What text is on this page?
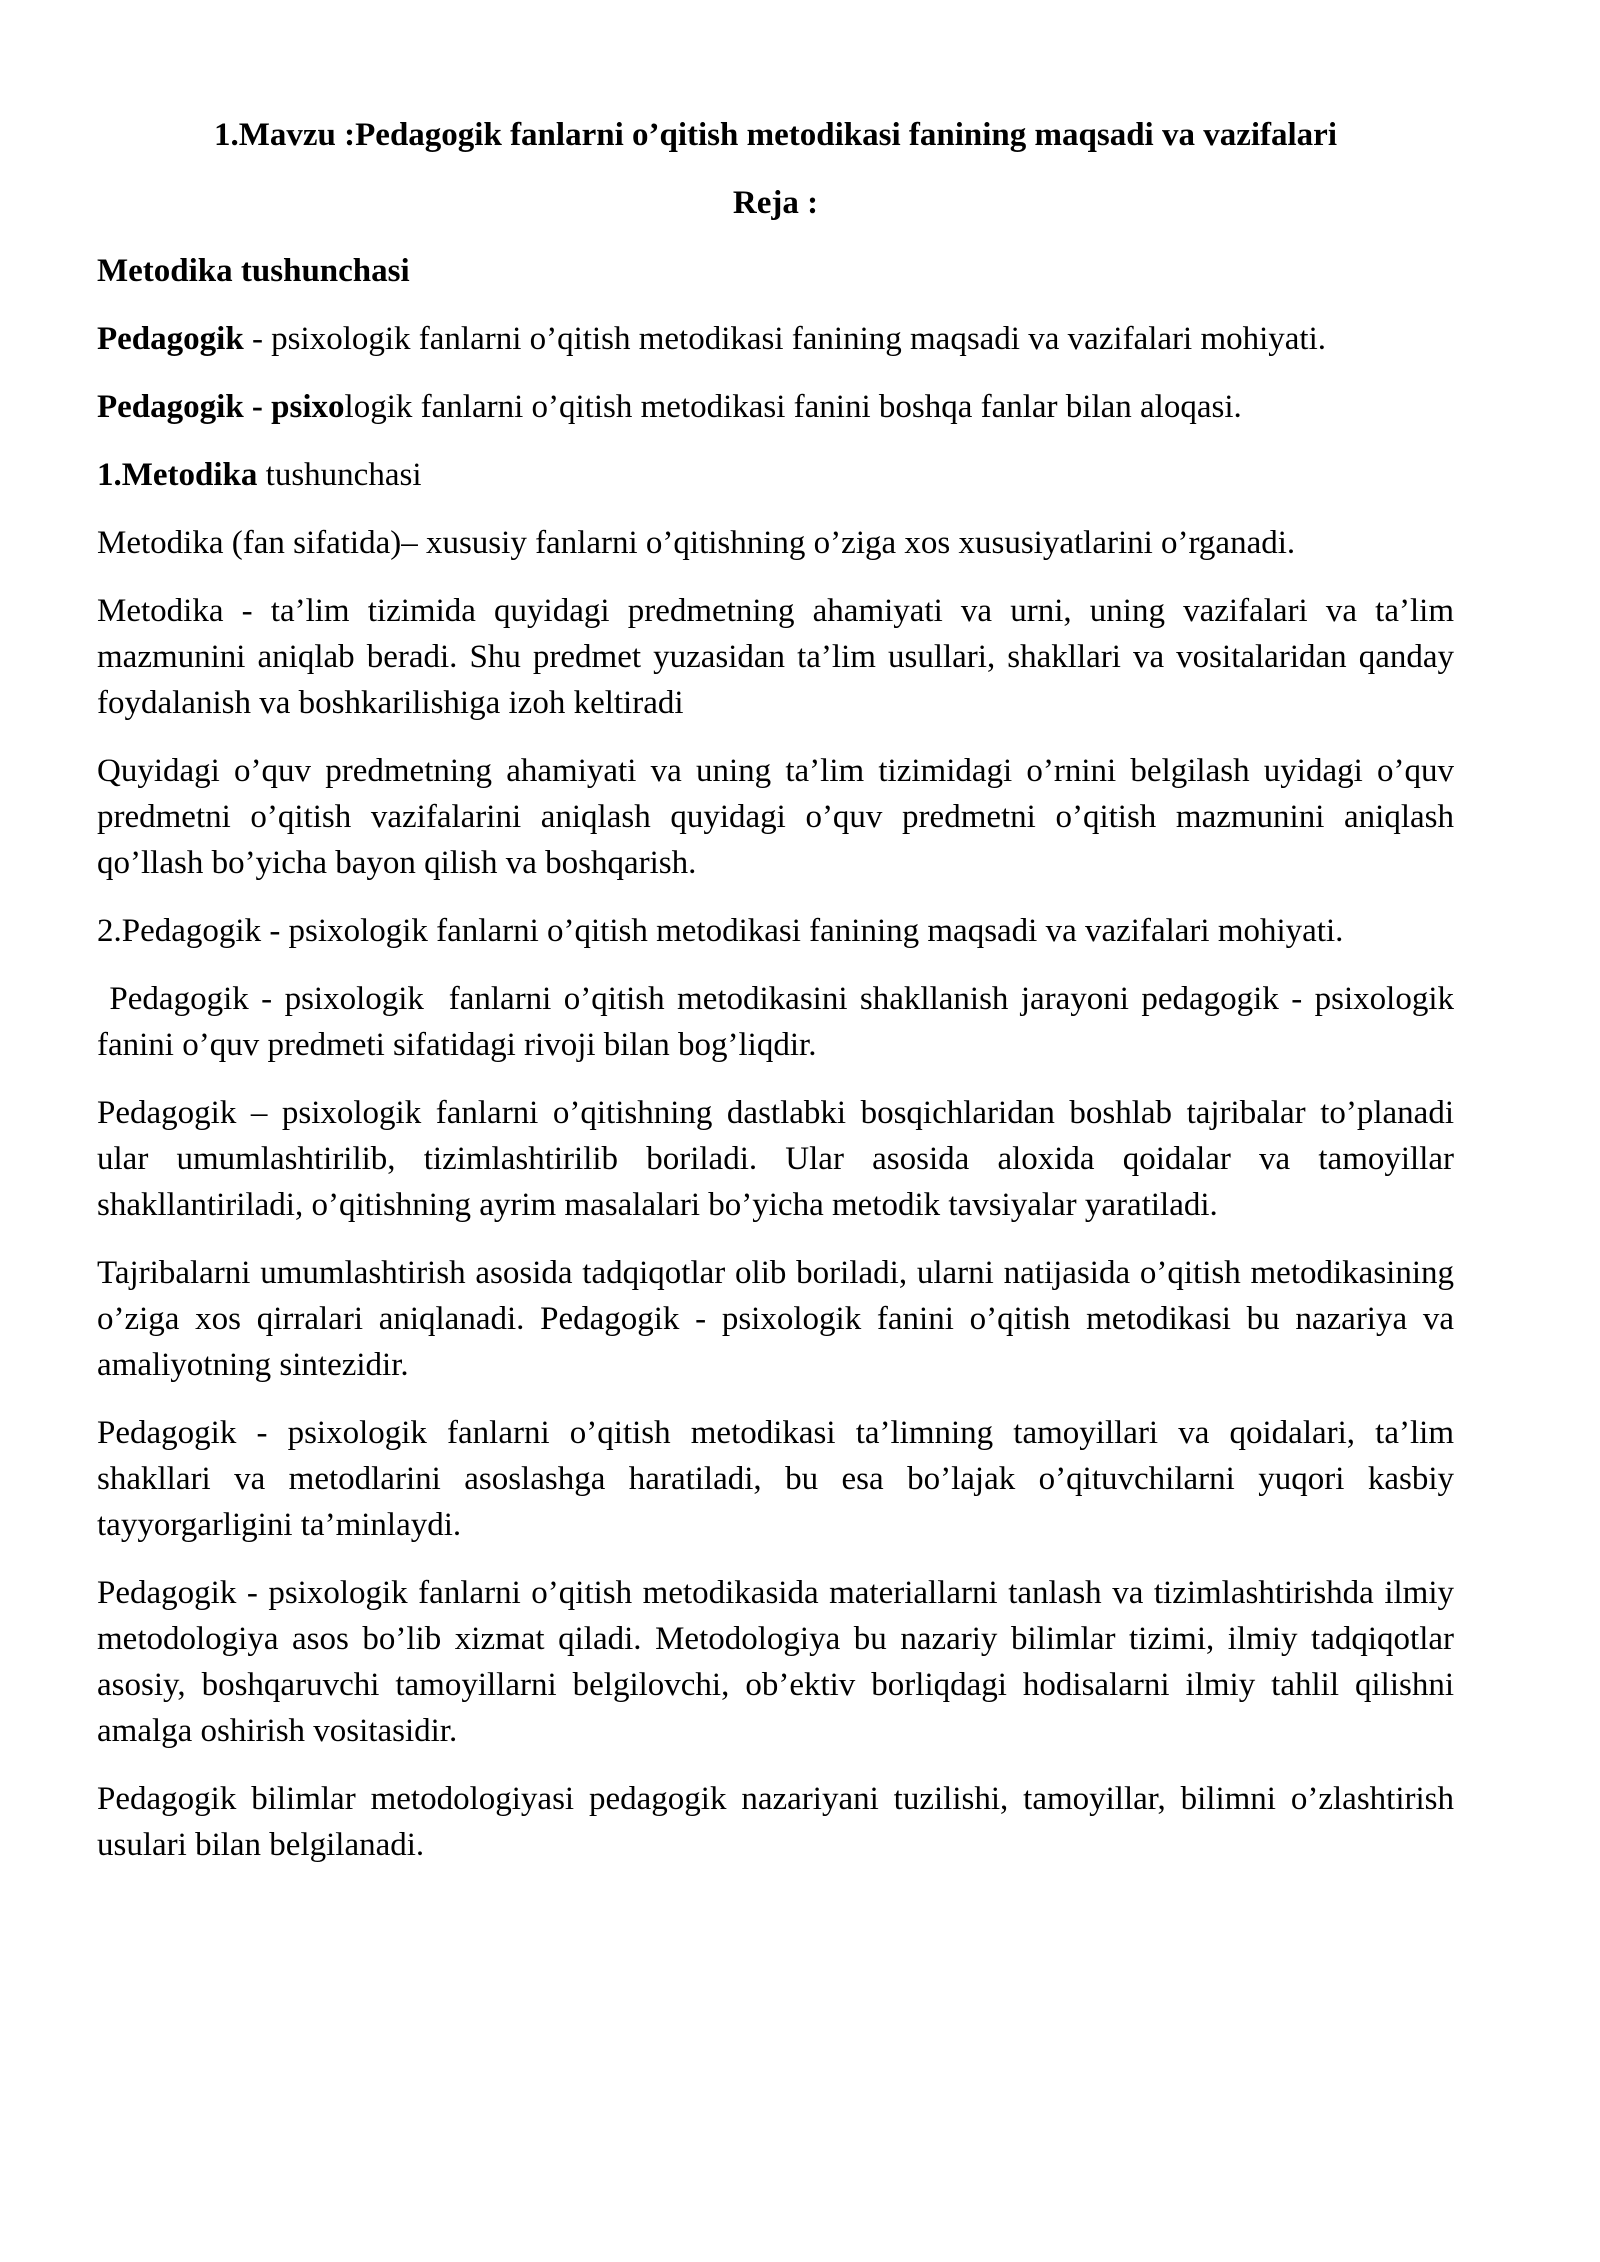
1.Mavzu :Pedagogik fanlarni o’qitish metodikasi fanining maqsadi va vazifalari
Reja :

Metodika tushunchasi

Pedagogik - psixologik fanlarni o’qitish metodikasi fanining maqsadi va vazifalari mohiyati.

Pedagogik - psixologik fanlarni o’qitish metodikasi fanini boshqa fanlar bilan aloqasi.

1.Metodika tushunchasi

Metodika (fan sifatida)– xususiy fanlarni o’qitishning o’ziga xos xususiyatlarini o’rganadi.

Metodika - ta’lim tizimida quyidagi predmetning ahamiyati va urni, uning vazifalari va ta’lim mazmunini aniqlab beradi. Shu predmet yuzasidan ta’lim usullari, shakllari va vositalaridan qanday foydalanish va boshkarilishiga izoh keltiradi

Quyidagi o’quv predmetning ahamiyati va uning ta’lim tizimidagi o’rnini belgilash uyidagi o’quv predmetni o’qitish vazifalarini aniqlash quyidagi o’quv predmetni o’qitish mazmunini aniqlash qo’llash bo’yicha bayon qilish va boshqarish.

2.Pedagogik - psixologik fanlarni o’qitish metodikasi fanining maqsadi va vazifalari mohiyati.

Pedagogik - psixologik  fanlarni o’qitish metodikasini shakllanish jarayoni pedagogik - psixologik fanini o’quv predmeti sifatidagi rivoji bilan bog’liqdir.

Pedagogik – psixologik fanlarni o’qitishning dastlabki bosqichlaridan boshlab tajribalar to’planadi ular umumlashtirilib, tizimlashtirilib boriladi. Ular asosida aloxida qoidalar va tamoyillar shakllantiriladi, o’qitishning ayrim masalalari bo’yicha metodik tavsiyalar yaratiladi.

Tajribalarni umumlashtirish asosida tadqiqotlar olib boriladi, ularni natijasida o’qitish metodikasining o’ziga xos qirralari aniqlanadi. Pedagogik - psixologik fanini o’qitish metodikasi bu nazariya va amaliyotning sintezidir.

Pedagogik - psixologik fanlarni o’qitish metodikasi ta’limning tamoyillari va qoidalari, ta’lim shakllari va metodlarini asoslashga haratiladi, bu esa bo’lajak o’qituvchilarni yuqori kasbiy tayyorgarligini ta’minlaydi.

Pedagogik - psixologik fanlarni o’qitish metodikasida materiallarni tanlash va tizimlashtirishda ilmiy metodologiya asos bo’lib xizmat qiladi. Metodologiya bu nazariy bilimlar tizimi, ilmiy tadqiqotlar asosiy, boshqaruvchi tamoyillarni belgilovchi, ob’ektiv borliqdagi hodisalarni ilmiy tahlil qilishni amalga oshirish vositasidir.

Pedagogik bilimlar metodologiyasi pedagogik nazariyani tuzilishi, tamoyillar, bilimni o’zlashtirish usulari bilan belgilanadi.
